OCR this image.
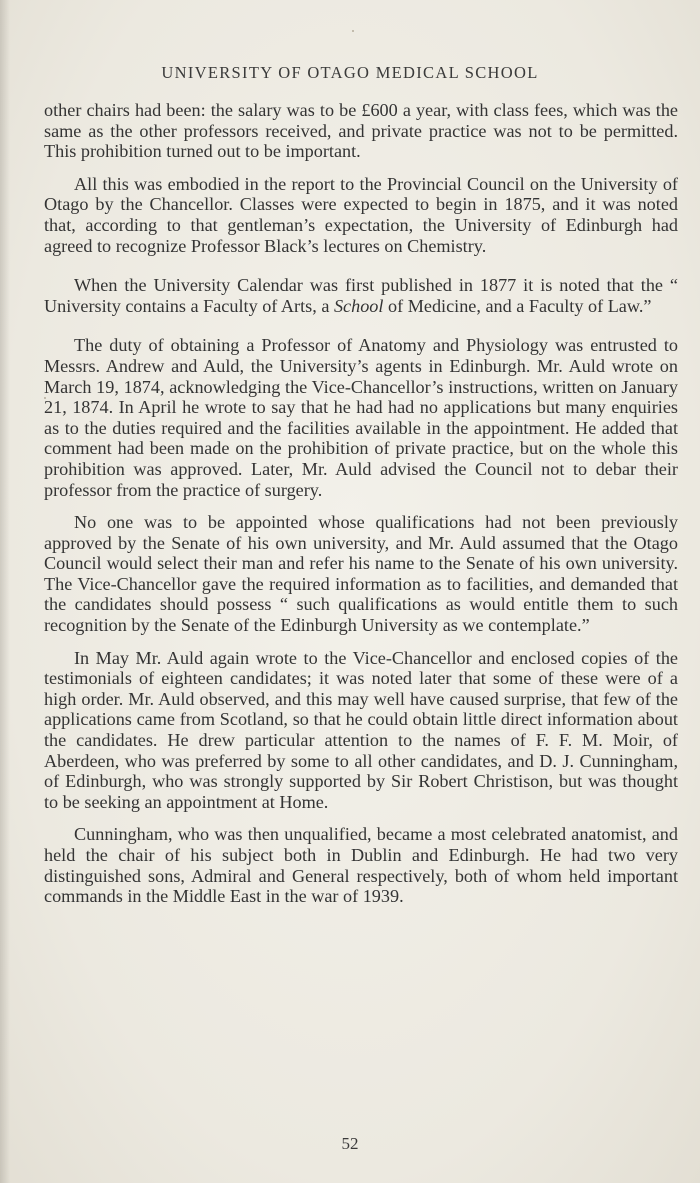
UNIVERSITY OF OTAGO MEDICAL SCHOOL

other chairs had been: the salary was to be £600 a year, with class fees, which was the same as the other professors received, and private practice was not to be permitted. This prohibition turned out to be important.

All this was embodied in the report to the Provincial Council on the University of Otago by the Chancellor. Classes were expected to begin in 1875, and it was noted that, according to that gentleman’s expectation, the University of Edinburgh had agreed to recognize Professor Black’s lectures on Chemistry.

When the University Calendar was first published in 1877 it is noted that the “ University contains a Faculty of Arts, a School of Medicine, and a Faculty of Law.”

The duty of obtaining a Professor of Anatomy and Physiology was entrusted to Messrs. Andrew and Auld, the University’s agents in Edinburgh. Mr. Auld wrote on March 19, 1874, acknowledging the Vice-Chancellor’s instructions, written on January 21, 1874. In April he wrote to say that he had had no applications but many enquiries as to the duties required and the facilities available in the appointment. He added that comment had been made on the prohibition of private practice, but on the whole this prohibition was approved. Later, Mr. Auld advised the Council not to debar their professor from the practice of surgery.

No one was to be appointed whose qualifications had not been previously approved by the Senate of his own university, and Mr. Auld assumed that the Otago Council would select their man and refer his name to the Senate of his own university. The Vice-Chancellor gave the required information as to facilities, and demanded that the candidates should possess “ such qualifications as would entitle them to such recognition by the Senate of the Edinburgh University as we contemplate.”

In May Mr. Auld again wrote to the Vice-Chancellor and enclosed copies of the testimonials of eighteen candidates; it was noted later that some of these were of a high order. Mr. Auld observed, and this may well have caused surprise, that few of the applications came from Scotland, so that he could obtain little direct information about the candidates. He drew particular attention to the names of F. F. M. Moir, of Aberdeen, who was preferred by some to all other candidates, and D. J. Cunningham, of Edinburgh, who was strongly supported by Sir Robert Christison, but was thought to be seeking an appointment at Home.

Cunningham, who was then unqualified, became a most celebrated anatomist, and held the chair of his subject both in Dublin and Edinburgh. He had two very distinguished sons, Admiral and General respectively, both of whom held important commands in the Middle East in the war of 1939.

52
